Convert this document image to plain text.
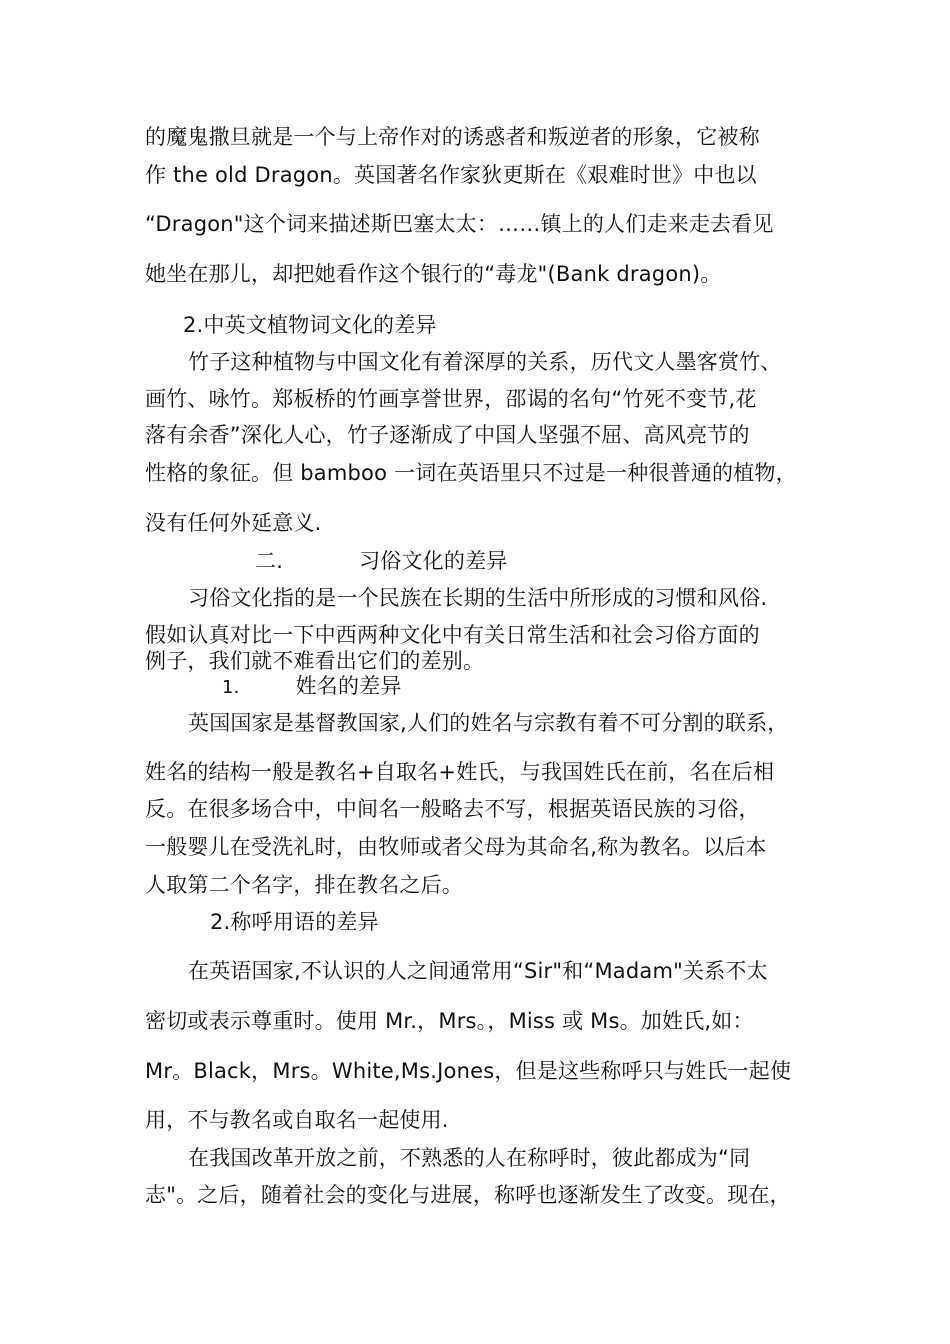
的魔鬼撒旦就是一个与上帝作对的诱惑者和叛逆者的形象，它被称
作 the old Dragon。英国著名作家狄更斯在《艰难时世》中也以
“Dragon"这个词来描述斯巴塞太太：……镇上的人们走来走去看见
她坐在那儿，却把她看作这个银行的“毒龙"(Bank dragon)。
2.中英文植物词文化的差异
竹子这种植物与中国文化有着深厚的关系，历代文人墨客赏竹、
画竹、咏竹。郑板桥的竹画享誉世界，邵谒的名句“竹死不变节,花
落有余香”深化人心，竹子逐渐成了中国人坚强不屈、高风亮节的
性格的象征。但 bamboo 一词在英语里只不过是一种很普通的植物，
没有任何外延意义.
二.	习俗文化的差异
习俗文化指的是一个民族在长期的生活中所形成的习惯和风俗.
假如认真对比一下中西两种文化中有关日常生活和社会习俗方面的
例子，我们就不难看出它们的差别。
1.	姓名的差异
英国国家是基督教国家,人们的姓名与宗教有着不可分割的联系，
姓名的结构一般是教名+自取名+姓氏，与我国姓氏在前，名在后相
反。在很多场合中，中间名一般略去不写，根据英语民族的习俗，
一般婴儿在受洗礼时，由牧师或者父母为其命名,称为教名。以后本
人取第二个名字，排在教名之后。
2.称呼用语的差异
在英语国家,不认识的人之间通常用“Sir"和“Madam"关系不太
密切或表示尊重时。使用 Mr.，Mrs。，Miss 或 Ms。加姓氏,如：
Mr。Black，Mrs。White,Ms.Jones，但是这些称呼只与姓氏一起使
用，不与教名或自取名一起使用.
在我国改革开放之前，不熟悉的人在称呼时，彼此都成为“同
志"。之后，随着社会的变化与进展，称呼也逐渐发生了改变。现在，
